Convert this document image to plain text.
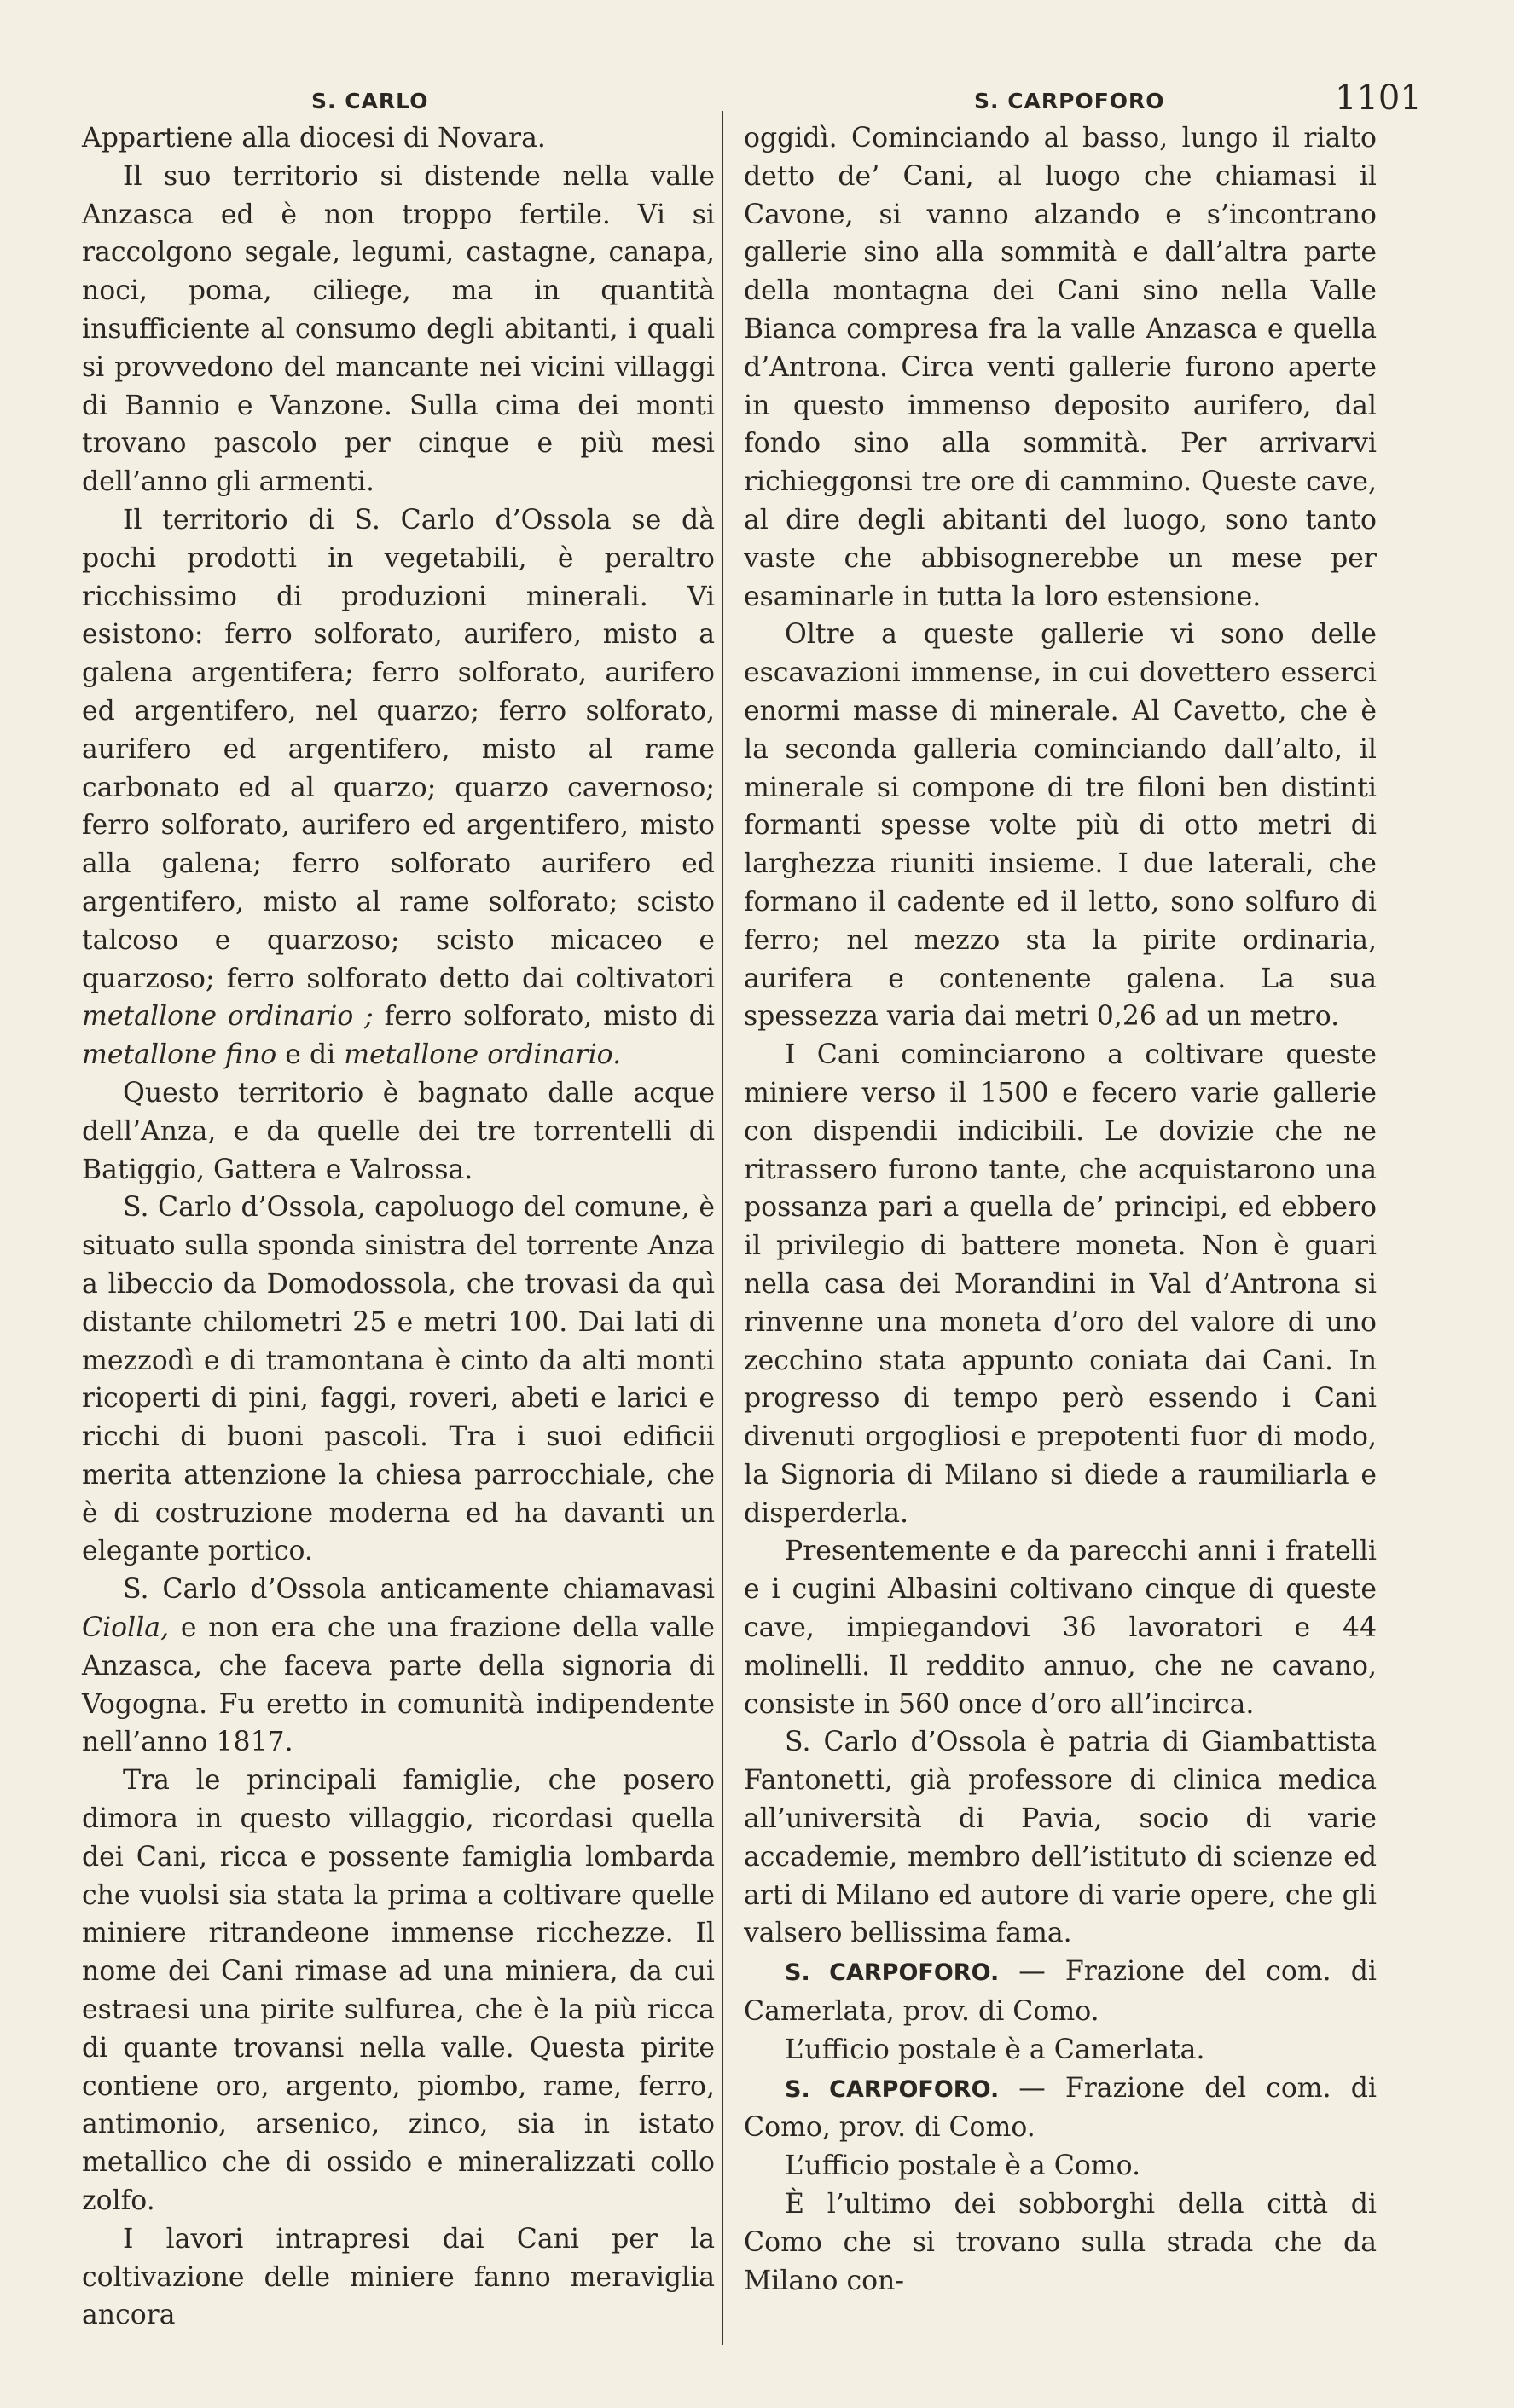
S. CARLO	S. CARPOFORO	1101

Appartiene alla diocesi di Novara.

Il suo territorio si distende nella valle Anzasca ed è non troppo fertile. Vi si raccolgono segale, legumi, castagne, canapa, noci, poma, ciliege, ma in quantità insufficiente al consumo degli abitanti, i quali si provvedono del mancante nei vicini villaggi di Bannio e Vanzone. Sulla cima dei monti trovano pascolo per cinque e più mesi dell’anno gli armenti.

Il territorio di S. Carlo d’Ossola se dà pochi prodotti in vegetabili, è peraltro ricchissimo di produzioni minerali. Vi esistono: ferro solforato, aurifero, misto a galena argentifera; ferro solforato, aurifero ed argentifero, nel quarzo; ferro solforato, aurifero ed argentifero, misto al rame carbonato ed al quarzo; quarzo cavernoso; ferro solforato, aurifero ed argentifero, misto alla galena; ferro solforato aurifero ed argentifero, misto al rame solforato; scisto talcoso e quarzoso; scisto micaceo e quarzoso; ferro solforato detto dai coltivatori metallone ordinario ; ferro solforato, misto di metallone fino e di metallone ordinario.

Questo territorio è bagnato dalle acque dell’Anza, e da quelle dei tre torrentelli di Batiggio, Gattera e Valrossa.

S. Carlo d’Ossola, capoluogo del comune, è situato sulla sponda sinistra del torrente Anza a libeccio da Domodossola, che trovasi da quì distante chilometri 25 e metri 100. Dai lati di mezzodì e di tramontana è cinto da alti monti ricoperti di pini, faggi, roveri, abeti e larici e ricchi di buoni pascoli. Tra i suoi edificii merita attenzione la chiesa parrocchiale, che è di costruzione moderna ed ha davanti un elegante portico.

S. Carlo d’Ossola anticamente chiamavasi Ciolla, e non era che una frazione della valle Anzasca, che faceva parte della signoria di Vogogna. Fu eretto in comunità indipendente nell’anno 1817.

Tra le principali famiglie, che posero dimora in questo villaggio, ricordasi quella dei Cani, ricca e possente famiglia lombarda che vuolsi sia stata la prima a coltivare quelle miniere ritrandeone immense ricchezze. Il nome dei Cani rimase ad una miniera, da cui estraesi una pirite sulfurea, che è la più ricca di quante trovansi nella valle. Questa pirite contiene oro, argento, piombo, rame, ferro, antimonio, arsenico, zinco, sia in istato metallico che di ossido e mineralizzati collo zolfo.

I lavori intrapresi dai Cani per la coltivazione delle miniere fanno meraviglia ancora

oggidì. Cominciando al basso, lungo il rialto detto de’ Cani, al luogo che chiamasi il Cavone, si vanno alzando e s’incontrano gallerie sino alla sommità e dall’altra parte della montagna dei Cani sino nella Valle Bianca compresa fra la valle Anzasca e quella d’Antrona. Circa venti gallerie furono aperte in questo immenso deposito aurifero, dal fondo sino alla sommità. Per arrivarvi richieggonsi tre ore di cammino. Queste cave, al dire degli abitanti del luogo, sono tanto vaste che abbisognerebbe un mese per esaminarle in tutta la loro estensione.

Oltre a queste gallerie vi sono delle escavazioni immense, in cui dovettero esserci enormi masse di minerale. Al Cavetto, che è la seconda galleria cominciando dall’alto, il minerale si compone di tre filoni ben distinti formanti spesse volte più di otto metri di larghezza riuniti insieme. I due laterali, che formano il cadente ed il letto, sono solfuro di ferro; nel mezzo sta la pirite ordinaria, aurifera e contenente galena. La sua spessezza varia dai metri 0,26 ad un metro.

I Cani cominciarono a coltivare queste miniere verso il 1500 e fecero varie gallerie con dispendii indicibili. Le dovizie che ne ritrassero furono tante, che acquistarono una possanza pari a quella de’ principi, ed ebbero il privilegio di battere moneta. Non è guari nella casa dei Morandini in Val d’Antrona si rinvenne una moneta d’oro del valore di uno zecchino stata appunto coniata dai Cani. In progresso di tempo però essendo i Cani divenuti orgogliosi e prepotenti fuor di modo, la Signoria di Milano si diede a raumiliarla e disperderla.

Presentemente e da parecchi anni i fratelli e i cugini Albasini coltivano cinque di queste cave, impiegandovi 36 lavoratori e 44 molinelli. Il reddito annuo, che ne cavano, consiste in 560 once d’oro all’incirca.

S. Carlo d’Ossola è patria di Giambattista Fantonetti, già professore di clinica medica all’università di Pavia, socio di varie accademie, membro dell’istituto di scienze ed arti di Milano ed autore di varie opere, che gli valsero bellissima fama.

S. CARPOFORO. — Frazione del com. di Camerlata, prov. di Como.

L’ufficio postale è a Camerlata.

S. CARPOFORO. — Frazione del com. di Como, prov. di Como.

L’ufficio postale è a Como.

È l’ultimo dei sobborghi della città di Como che si trovano sulla strada che da Milano con-
